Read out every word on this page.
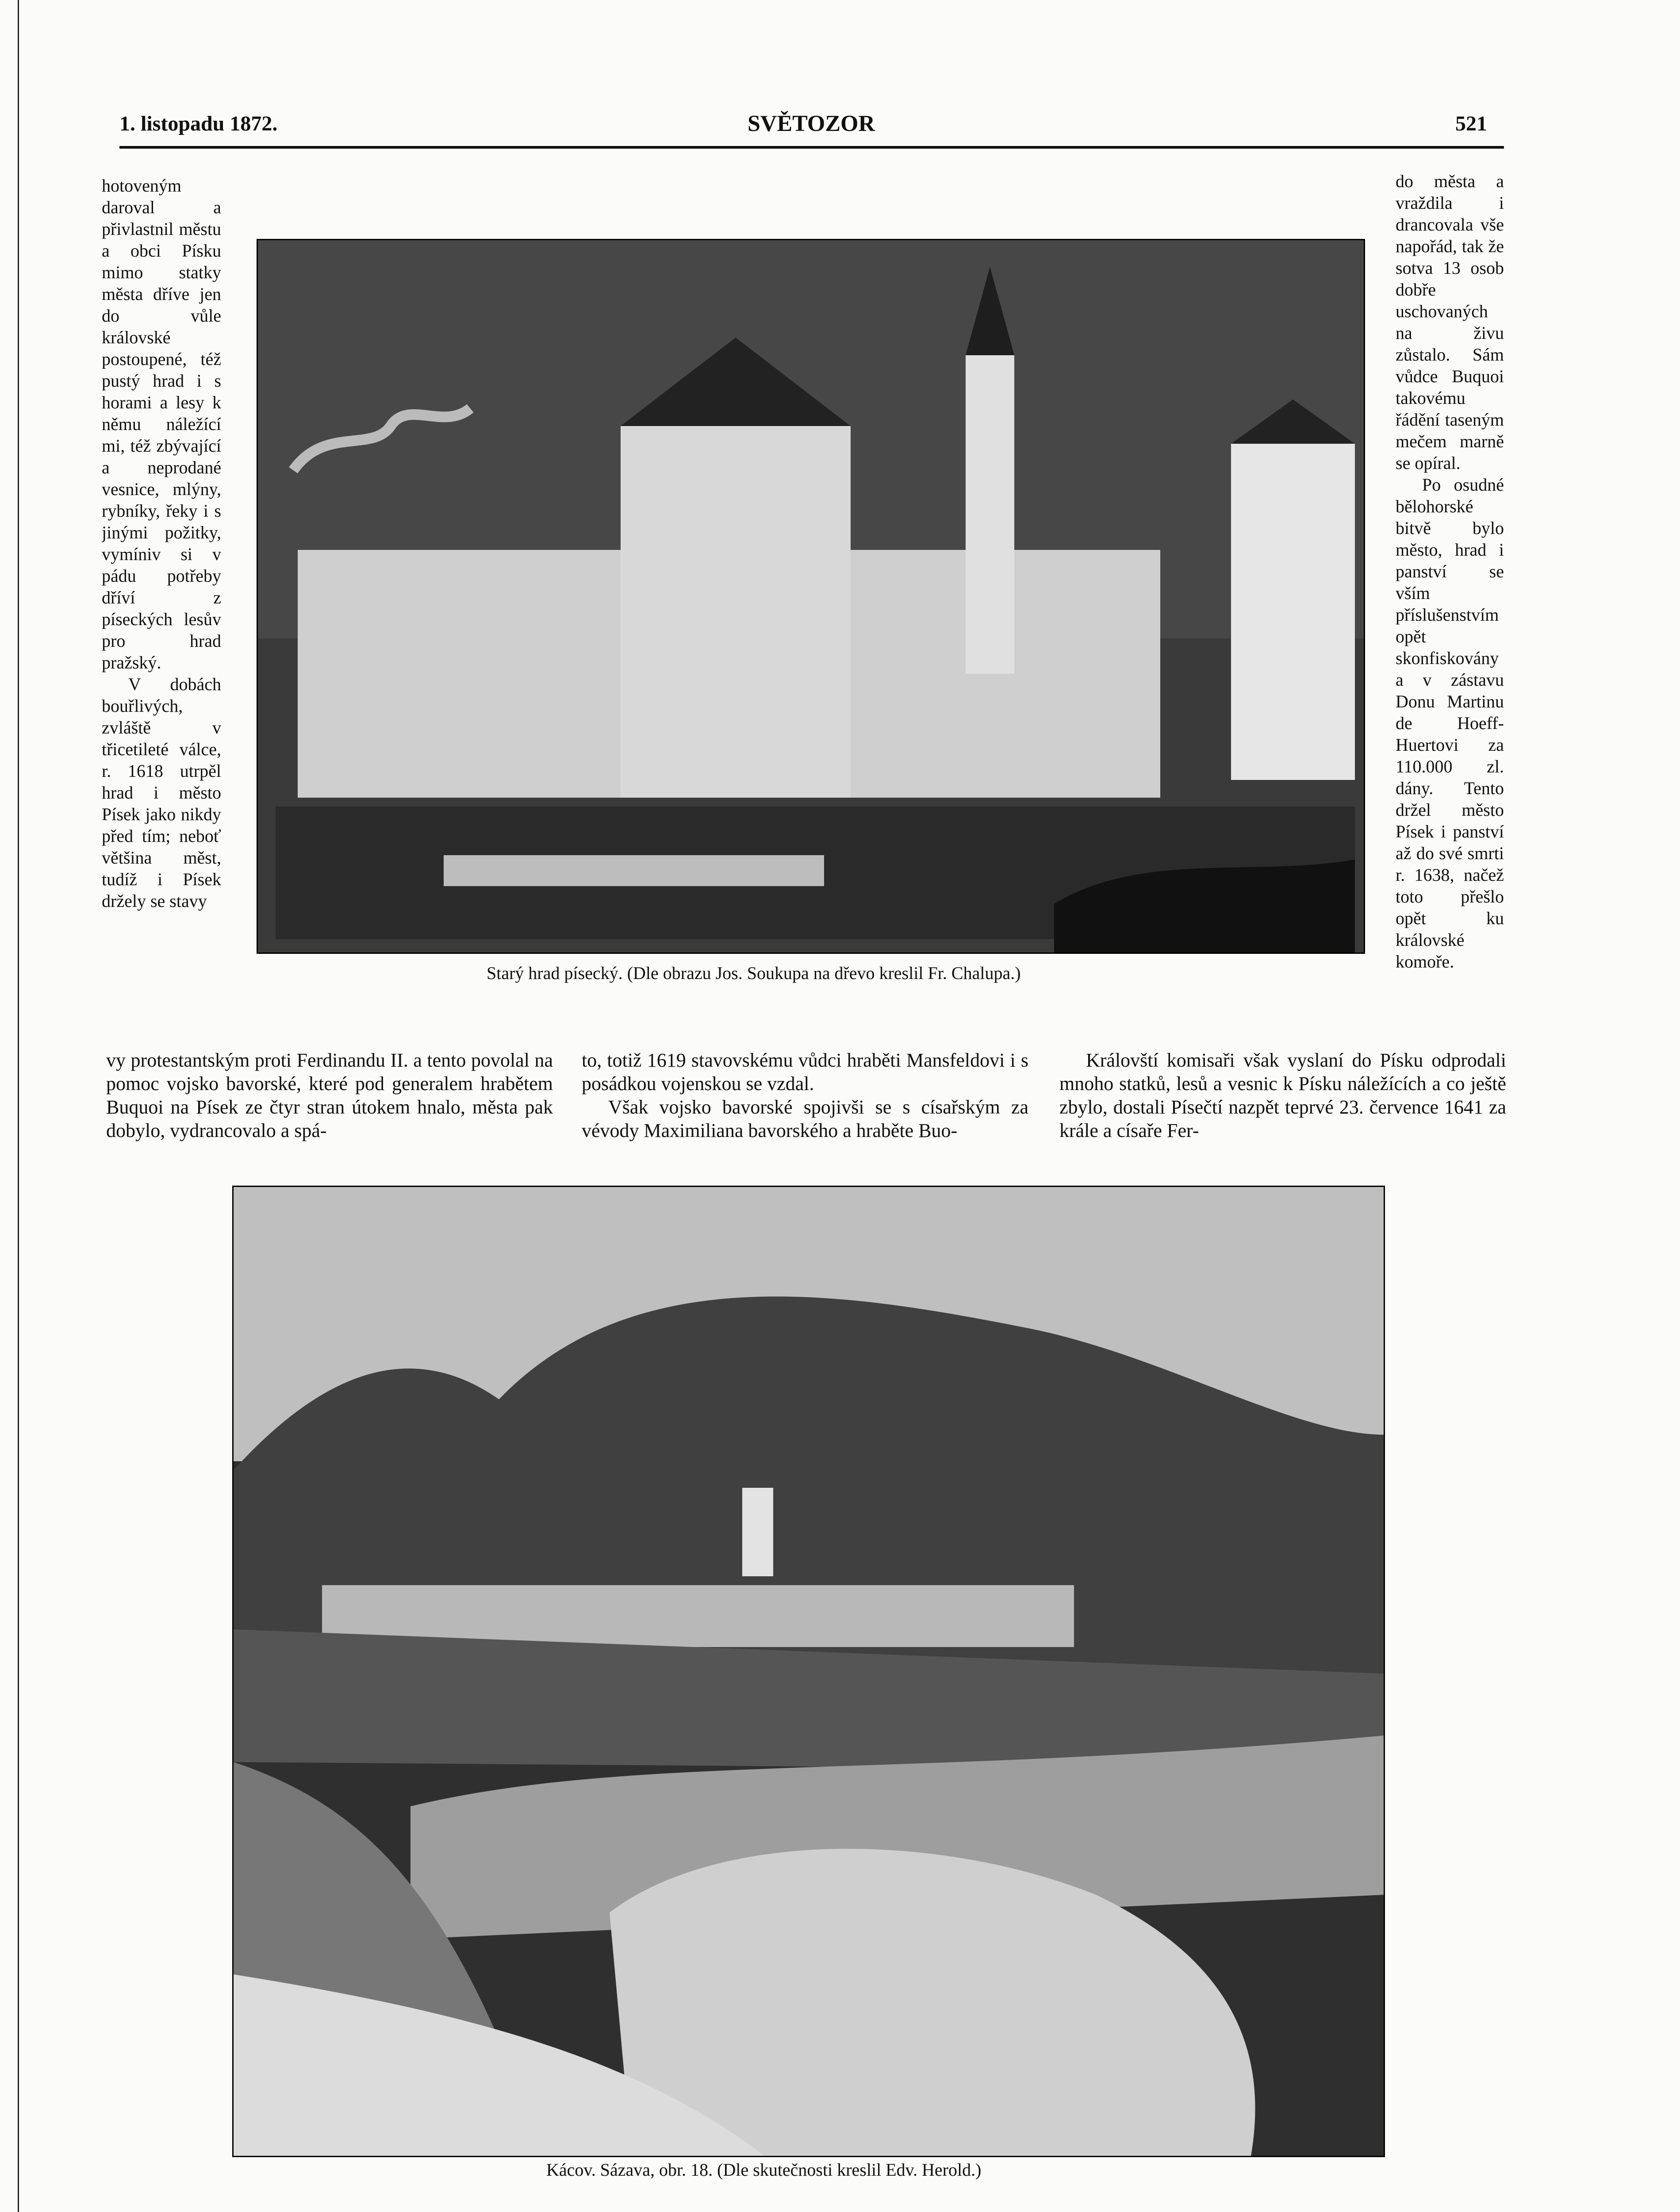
1. listopadu 1872.	SVĚTOZOR	521

hotoveným daroval a přivlastnil městu a obci Písku mimo statky města dříve jen do vůle královské postoupené, též pustý hrad i s horami a lesy k němu náležící mi, též zbývající a neprodané vesnice, mlýny, rybníky, řeky i s jinými požitky, vymíniv si v pádu potřeby dříví z píseckých lesův pro hrad pražský.

V dobách bouřlivých, zvláště v třicetileté válce, r. 1618 utrpěl hrad i město Písek jako nikdy před tím; neboť většina měst, tudíž i Písek držely se stavy

Starý hrad písecký. (Dle obrazu Jos. Soukupa na dřevo kreslil Fr. Chalupa.)

do města a vraždila i drancovala vše napořád, tak že sotva 13 osob dobře uschovaných na živu zůstalo. Sám vůdce Buquoi takovému řádění taseným mečem marně se opíral.

Po osudné bělohorské bitvě bylo město, hrad i panství se vším příslušenstvím opět skonfiskovány a v zástavu Donu Martinu de Hoeff-Huertovi za 110.000 zl. dány. Tento držel město Písek i panství až do své smrti r. 1638, načež toto přešlo opět ku královské komoře.

vy protestantským proti Ferdinandu II. a tento povolal na pomoc vojsko bavorské, které pod generalem hrabětem Buquoi na Písek ze čtyr stran útokem hnalo, města pak dobylo, vydrancovalo a spá-

to, totiž 1619 stavovskému vůdci hraběti Mansfeldovi i s posádkou vojenskou se vzdal.

Však vojsko bavorské spojivši se s císařským za vévody Maximiliana bavorského a hraběte Buo-

Královští komisaři však vyslaní do Písku odprodali mnoho statků, lesů a vesnic k Písku náležících a co ještě zbylo, dostali Písečtí nazpět teprvé 23. července 1641 za krále a císaře Fer-

Kácov. Sázava, obr. 18. (Dle skutečnosti kreslil Edv. Herold.)
